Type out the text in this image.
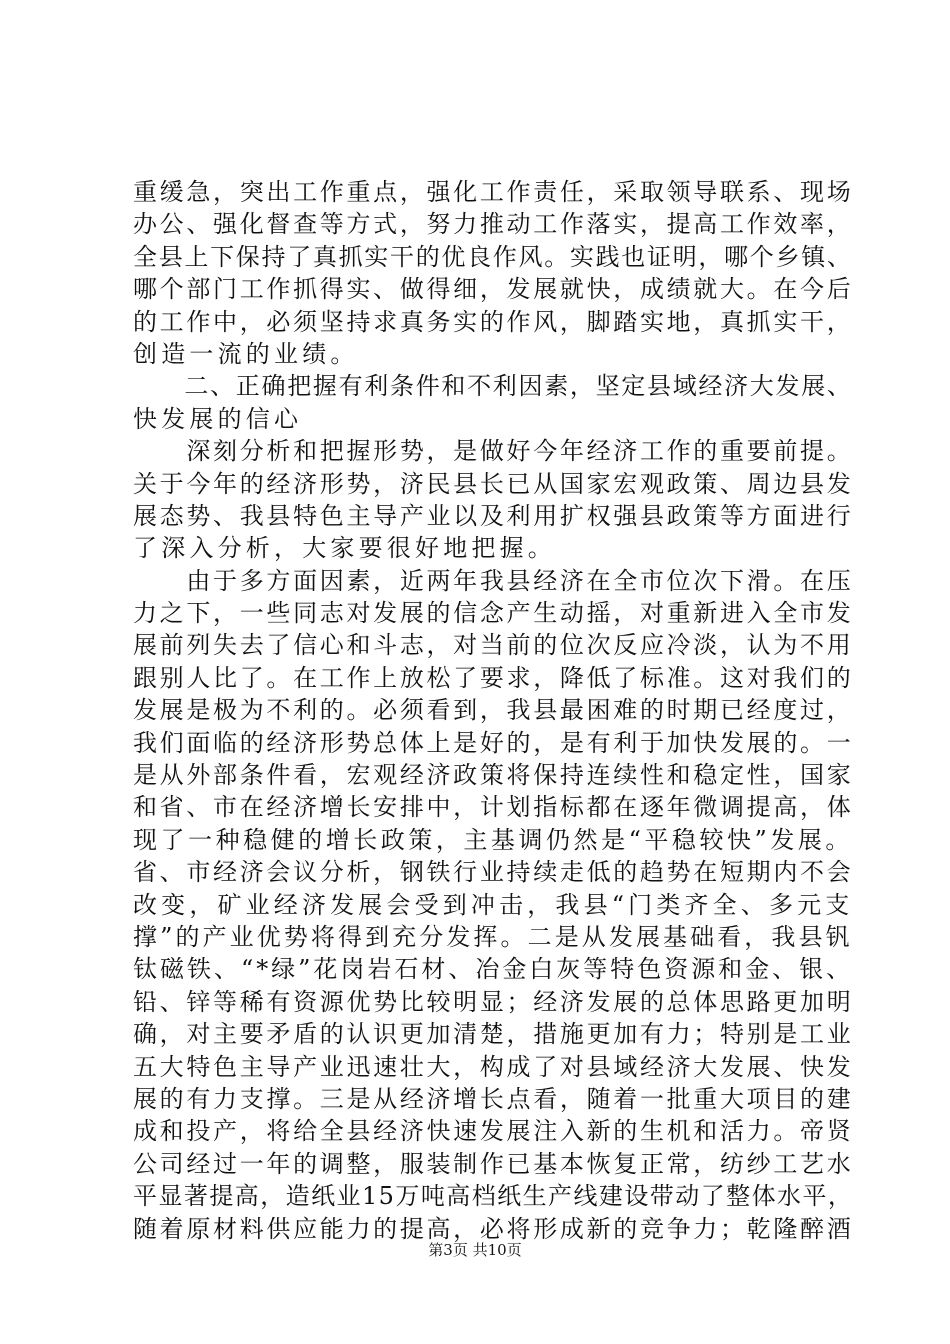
重缓急，突出工作重点，强化工作责任，采取领导联系、现场
办公、强化督查等方式，努力推动工作落实，提高工作效率，
全县上下保持了真抓实干的优良作风。实践也证明，哪个乡镇、
哪个部门工作抓得实、做得细，发展就快，成绩就大。在今后
的工作中，必须坚持求真务实的作风，脚踏实地，真抓实干，
创造一流的业绩。
　　二、正确把握有利条件和不利因素，坚定县域经济大发展、
快发展的信心
　　深刻分析和把握形势，是做好今年经济工作的重要前提。
关于今年的经济形势，济民县长已从国家宏观政策、周边县发
展态势、我县特色主导产业以及利用扩权强县政策等方面进行
了深入分析，大家要很好地把握。
　　由于多方面因素，近两年我县经济在全市位次下滑。在压
力之下，一些同志对发展的信念产生动摇，对重新进入全市发
展前列失去了信心和斗志，对当前的位次反应冷淡，认为不用
跟别人比了。在工作上放松了要求，降低了标准。这对我们的
发展是极为不利的。必须看到，我县最困难的时期已经度过，
我们面临的经济形势总体上是好的，是有利于加快发展的。一
是从外部条件看，宏观经济政策将保持连续性和稳定性，国家
和省、市在经济增长安排中，计划指标都在逐年微调提高，体
现了一种稳健的增长政策，主基调仍然是“平稳较快”发展。
省、市经济会议分析，钢铁行业持续走低的趋势在短期内不会
改变，矿业经济发展会受到冲击，我县“门类齐全、多元支
撑”的产业优势将得到充分发挥。二是从发展基础看，我县钒
钛磁铁、“*绿”花岗岩石材、冶金白灰等特色资源和金、银、
铅、锌等稀有资源优势比较明显；经济发展的总体思路更加明
确，对主要矛盾的认识更加清楚，措施更加有力；特别是工业
五大特色主导产业迅速壮大，构成了对县域经济大发展、快发
展的有力支撑。三是从经济增长点看，随着一批重大项目的建
成和投产，将给全县经济快速发展注入新的生机和活力。帝贤
公司经过一年的调整，服装制作已基本恢复正常，纺纱工艺水
平显著提高，造纸业15万吨高档纸生产线建设带动了整体水平，
随着原材料供应能力的提高，必将形成新的竞争力；乾隆醉酒
第3页 共10页
